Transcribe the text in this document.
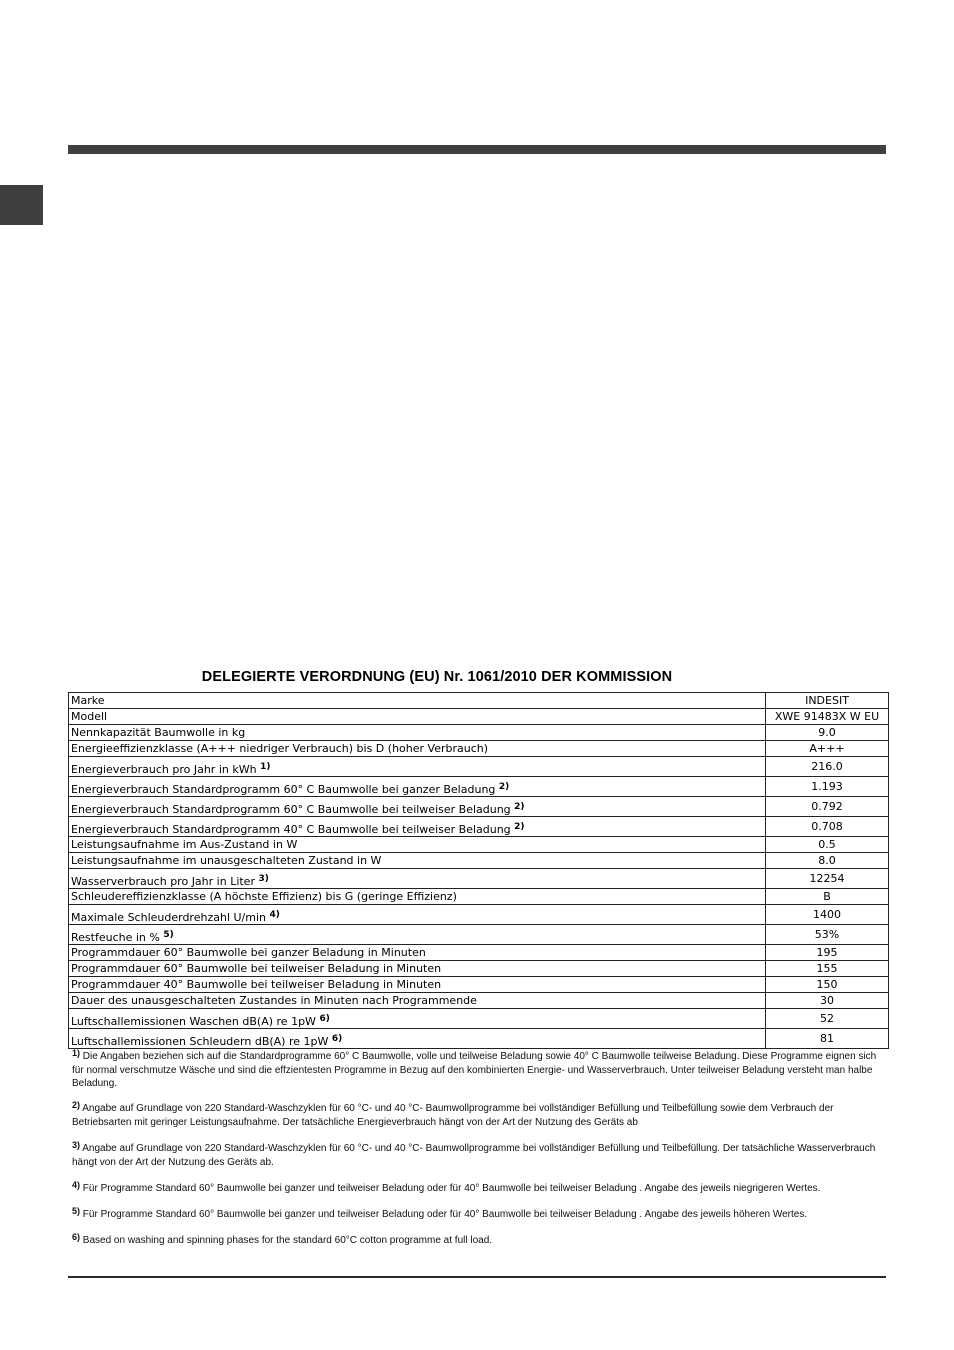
DELEGIERTE VERORDNUNG (EU) Nr. 1061/2010 DER KOMMISSION
Marke	INDESIT
Modell	XWE 91483X W EU
Nennkapazität Baumwolle in kg	9.0
Energieeffizienzklasse (A+++ niedriger Verbrauch) bis D (hoher Verbrauch)	A+++
Energieverbrauch pro Jahr in kWh $^{1)}$	216.0
Energieverbrauch Standardprogramm 60° C Baumwolle bei ganzer Beladung $^{2)}$	1.193
Energieverbrauch Standardprogramm 60° C Baumwolle bei teilweiser Beladung $^{2)}$	0.792
Energieverbrauch Standardprogramm 40° C Baumwolle bei teilweiser Beladung $^{2)}$	0.708
Leistungsaufnahme im Aus-Zustand in W	0.5
Leistungsaufnahme im unausgeschalteten Zustand in W	8.0
Wasserverbrauch pro Jahr in Liter $^{3)}$	12254
Schleudereffizienzklasse (A höchste Effizienz) bis G (geringe Effizienz)	B
Maximale Schleuderdrehzahl U/min $^{4)}$	1400
Restfeuche in % $^{5)}$	53%
Programmdauer 60° Baumwolle bei ganzer Beladung in Minuten	195
Programmdauer 60° Baumwolle bei teilweiser Beladung in Minuten	155
Programmdauer 40° Baumwolle bei teilweiser Beladung in Minuten	150
Dauer des unausgeschalteten Zustandes in Minuten nach Programmende	30
Luftschallemissionen Waschen dB(A) re 1pW $^{6)}$	52
Luftschallemissionen Schleudern dB(A) re 1pW $^{6)}$	81
$^{1)}$ Die Angaben beziehen sich auf die Standardprogramme 60° C Baumwolle, volle und teilweise Beladung sowie 40° C Baumwolle teilweise Beladung. Diese Programme eignen sich für normal verschmutze Wäsche und sind die effzientesten Programme in Bezug auf den kombinierten Energie- und Wasserverbrauch. Unter teilweiser Beladung versteht man halbe Beladung.
$^{2)}$ Angabe auf Grundlage von 220 Standard-Waschzyklen für 60 °C- und 40 °C- Baumwollprogramme bei vollständiger Befüllung und Teilbefüllung sowie dem Verbrauch der Betriebsarten mit geringer Leistungsaufnahme. Der tatsächliche Energieverbrauch hängt von der Art der Nutzung des Geräts ab
$^{3)}$ Angabe auf Grundlage von 220 Standard-Waschzyklen für 60 °C- und 40 °C- Baumwollprogramme bei vollständiger Befüllung und Teilbefüllung. Der tatsächliche Wasserverbrauch hängt von der Art der Nutzung des Geräts ab.
$^{4)}$ Für Programme Standard 60° Baumwolle bei ganzer und teilweiser Beladung oder für 40° Baumwolle bei teilweiser Beladung . Angabe des jeweils niegrigeren Wertes.
$^{5)}$ Für Programme Standard 60° Baumwolle bei ganzer und teilweiser Beladung oder für 40° Baumwolle bei teilweiser Beladung . Angabe des jeweils höheren Wertes.
$^{6)}$ Based on washing and spinning phases for the standard 60°C cotton programme at full load.
